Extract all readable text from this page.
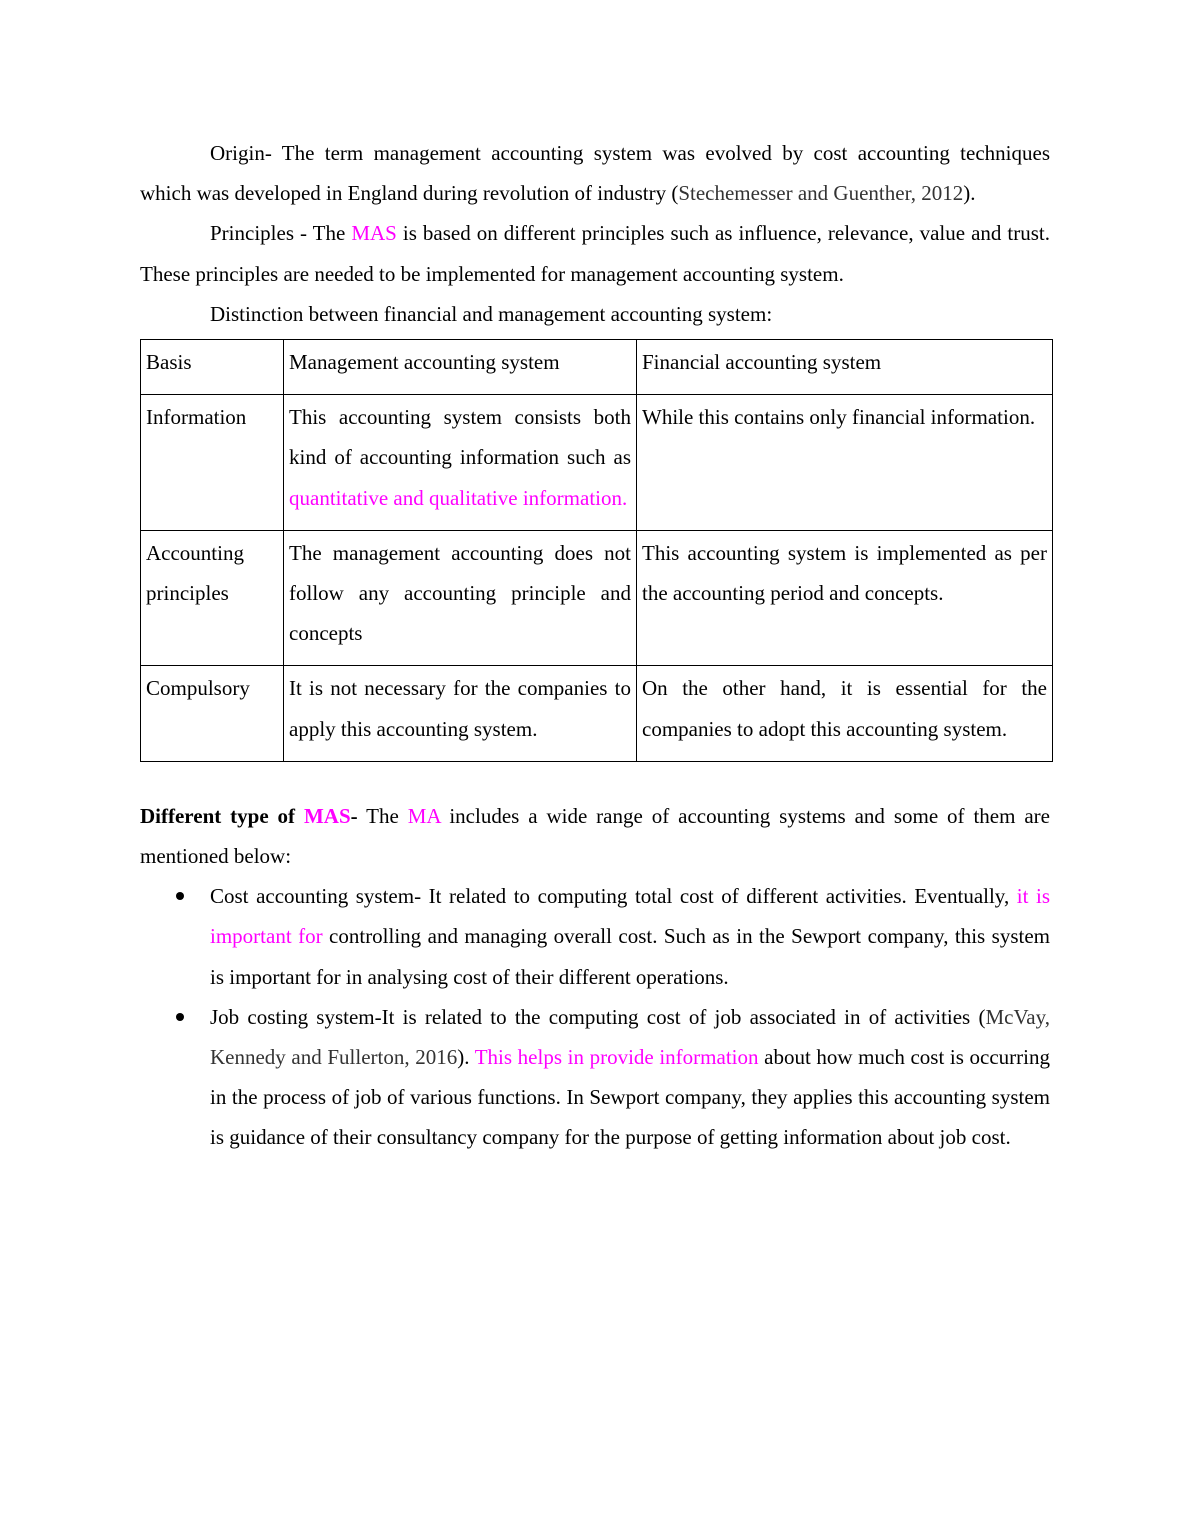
Origin- The term management accounting system was evolved by cost accounting techniques which was developed in England during revolution of industry (Stechemesser and Guenther, 2012).

Principles - The MAS is based on different principles such as influence, relevance, value and trust. These principles are needed to be implemented for management accounting system.

Distinction between financial and management accounting system:

Basis	Management accounting system	Financial accounting system
Information	This accounting system consists both kind of accounting information such as quantitative and qualitative information.	While this contains only financial information.
Accounting principles	The management accounting does not follow any accounting principle and concepts	This accounting system is implemented as per the accounting period and concepts.
Compulsory	It is not necessary for the companies to apply this accounting system.	On the other hand, it is essential for the companies to adopt this accounting system.

Different type of MAS- The MA includes a wide range of accounting systems and some of them are mentioned below:

Cost accounting system- It related to computing total cost of different activities. Eventually, it is important for controlling and managing overall cost. Such as in the Sewport company, this system is important for in analysing cost of their different operations.
Job costing system-It is related to the computing cost of job associated in of activities (McVay, Kennedy and Fullerton, 2016). This helps in provide information about how much cost is occurring in the process of job of various functions. In Sewport company, they applies this accounting system is guidance of their consultancy company for the purpose of getting information about job cost.
